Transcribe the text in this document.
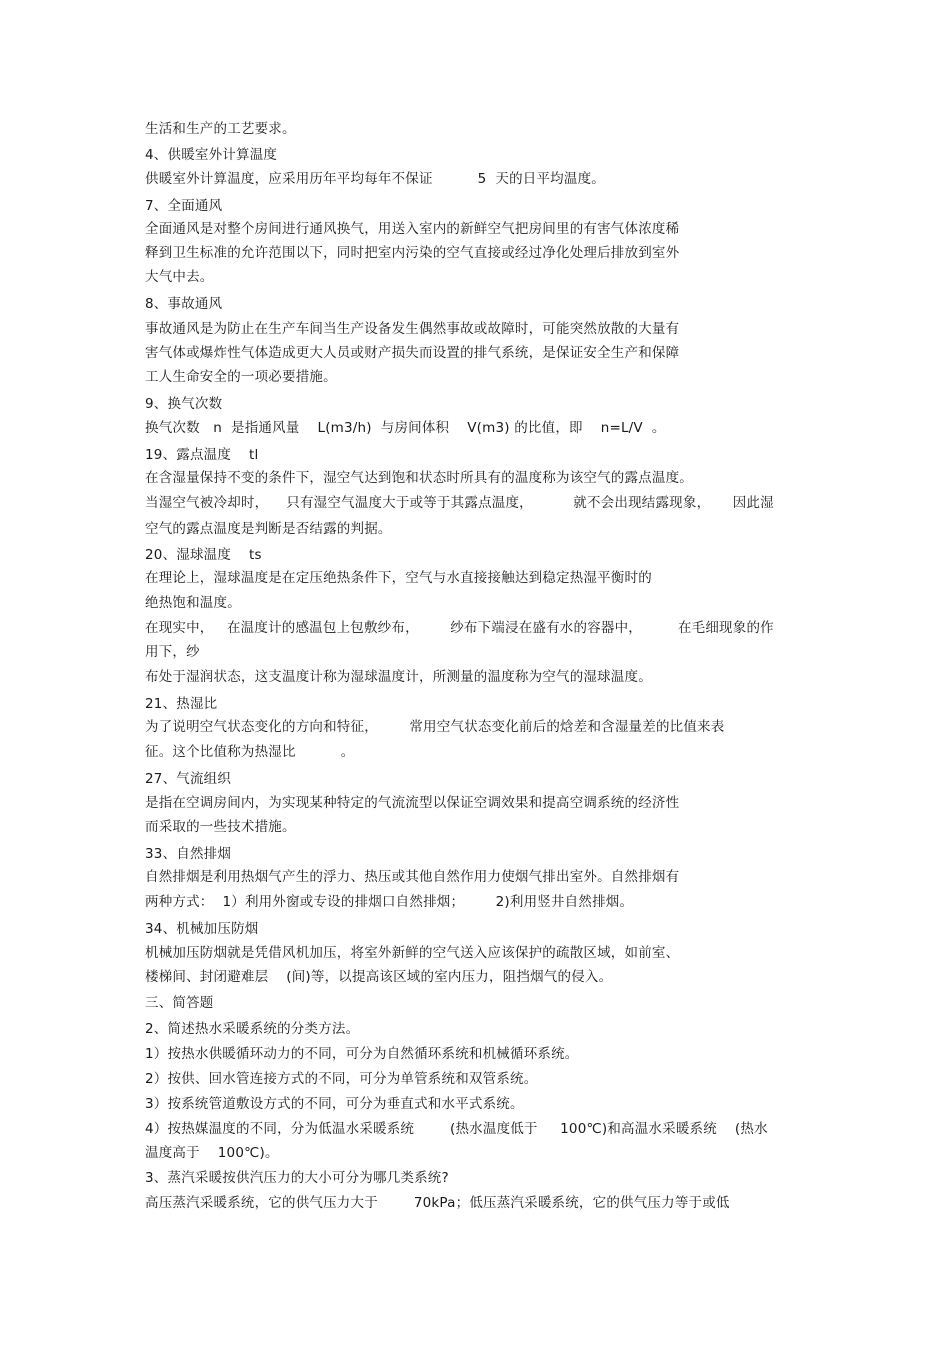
生活和生产的工艺要求。

4、供暖室外计算温度

供暖室外计算温度，应采用历年平均每年不保证          5  天的日平均温度。

7、全面通风

全面通风是对整个房间进行通风换气，用送入室内的新鲜空气把房间里的有害气体浓度稀

释到卫生标准的允许范围以下，同时把室内污染的空气直接或经过净化处理后排放到室外

大气中去。

8、事故通风

事故通风是为防止在生产车间当生产设备发生偶然事故或故障时，可能突然放散的大量有

害气体或爆炸性气体造成更大人员或财产损失而设置的排气系统，是保证安全生产和保障

工人生命安全的一项必要措施。

9、换气次数

换气次数   n  是指通风量    L(m3/h)  与房间体积    V(m3) 的比值，即    n=L/V  。

19、露点温度    tl

在含湿量保持不变的条件下，湿空气达到饱和状态时所具有的温度称为该空气的露点温度。

当湿空气被冷却时，    只有湿空气温度大于或等于其露点温度，         就不会出现结露现象，     因此湿

空气的露点温度是判断是否结露的判据。

20、湿球温度    ts

在理论上，湿球温度是在定压绝热条件下，空气与水直接接触达到稳定热湿平衡时的

绝热饱和温度。

在现实中，   在温度计的感温包上包敷纱布，       纱布下端浸在盛有水的容器中，        在毛细现象的作

用下，纱

布处于湿润状态，这支温度计称为湿球温度计，所测量的温度称为空气的湿球温度。

21、热湿比

为了说明空气状态变化的方向和特征，       常用空气状态变化前后的焓差和含湿量差的比值来表

征。这个比值称为热湿比          。

27、气流组织

是指在空调房间内，为实现某种特定的气流流型以保证空调效果和提高空调系统的经济性

而采取的一些技术措施。

33、自然排烟

自然排烟是利用热烟气产生的浮力、热压或其他自然作用力使烟气排出室外。自然排烟有

两种方式：  1）利用外窗或专设的排烟口自然排烟；       2)利用竖井自然排烟。

34、机械加压防烟

机械加压防烟就是凭借风机加压，将室外新鲜的空气送入应该保护的疏散区域，如前室、

楼梯间、封闭避难层    (间)等，以提高该区域的室内压力，阻挡烟气的侵入。

三、简答题

2、简述热水采暖系统的分类方法。

1）按热水供暖循环动力的不同，可分为自然循环系统和机械循环系统。

2）按供、回水管连接方式的不同，可分为单管系统和双管系统。

3）按系统管道敷设方式的不同，可分为垂直式和水平式系统。

4）按热媒温度的不同，分为低温水采暖系统        (热水温度低于     100℃)和高温水采暖系统    (热水

温度高于    100℃)。

3、蒸汽采暖按供汽压力的大小可分为哪几类系统?

高压蒸汽采暖系统，它的供气压力大于        70kPa；低压蒸汽采暖系统，它的供气压力等于或低
